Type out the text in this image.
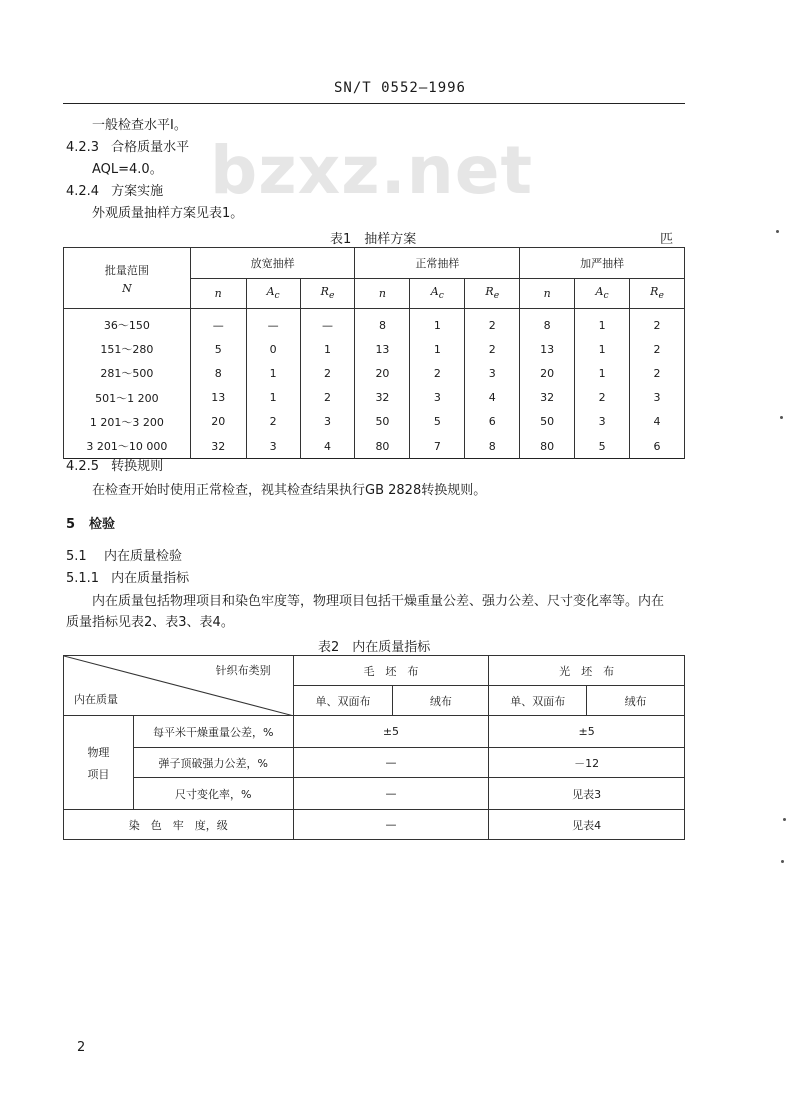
SN/T 0552—1996
bzxz.net
一般检查水平I。
4.2.3 合格质量水平
AQL=4.0。
4.2.4 方案实施
外观质量抽样方案见表1。
表1　抽样方案	匹
批量范围
N	放宽抽样			正常抽样			加严抽样		
	n	$A_c$	$R_e$	n	$A_c$	$R_e$	n	$A_c$	$R_e$
36～150	—	—	—	8	1	2	8	1	2
151～280	5	0	1	13	1	2	13	1	2
281～500	8	1	2	20	2	3	20	1	2
501～1 200	13	1	2	32	3	4	32	2	3
1 201～3 200	20	2	3	50	5	6	50	3	4
3 201～10 000	32	3	4	80	7	8	80	5	6
4.2.5 转换规则
在检查开始时使用正常检查，视其检查结果执行GB 2828转换规则。
5 检验
5.1 内在质量检验
5.1.1 内在质量指标
内在质量包括物理项目和染色牢度等，物理项目包括干燥重量公差、强力公差、尺寸变化率等。内在
质量指标见表2、表3、表4。
表2　内在质量指标
针织布类别
内在质量		毛　坯　布		光　坯　布	
		单、双面布	绒布	单、双面布	绒布

物理
项目	每平米干燥重量公差，%	±5		±5	
	弹子顶破强力公差，%	—		－12	
	尺寸变化率，%	—		见表3	
染　色　牢　度，级		—		见表4	
2
